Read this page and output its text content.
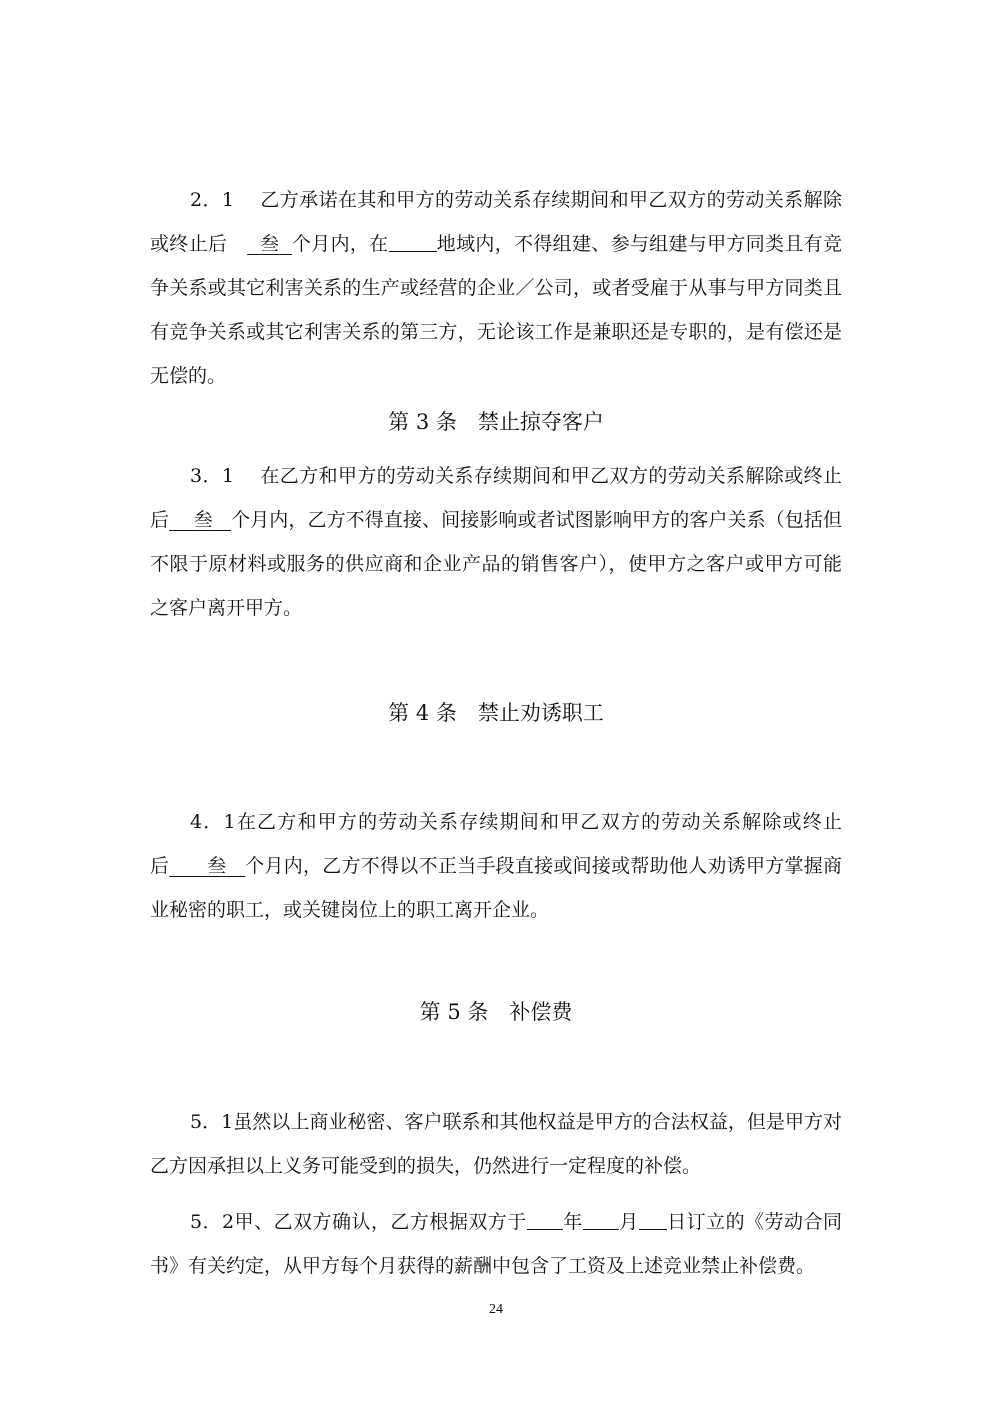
2．1 乙方承诺在其和甲方的劳动关系存续期间和甲乙双方的劳动关系解除或终止后 叁 个月内，在	地域内，不得组建、参与组建与甲方同类且有竞争关系或其它利害关系的生产或经营的企业／公司，或者受雇于从事与甲方同类且有竞争关系或其它利害关系的第三方，无论该工作是兼职还是专职的，是有偿还是无偿的。

第 3 条　禁止掠夺客户

3．1 在乙方和甲方的劳动关系存续期间和甲乙双方的劳动关系解除或终止后 叁 个月内，乙方不得直接、间接影响或者试图影响甲方的客户关系（包括但不限于原材料或服务的供应商和企业产品的销售客户），使甲方之客户或甲方可能之客户离开甲方。

第 4 条　禁止劝诱职工

4．1在乙方和甲方的劳动关系存续期间和甲乙双方的劳动关系解除或终止后 叁 个月内，乙方不得以不正当手段直接或间接或帮助他人劝诱甲方掌握商业秘密的职工，或关键岗位上的职工离开企业。

第 5 条　补偿费

5．1虽然以上商业秘密、客户联系和其他权益是甲方的合法权益，但是甲方对乙方因承担以上义务可能受到的损失，仍然进行一定程度的补偿。

5．2甲、乙双方确认，乙方根据双方于 年 月 日订立的《劳动合同书》有关约定，从甲方每个月获得的薪酬中包含了工资及上述竞业禁止补偿费。

24
